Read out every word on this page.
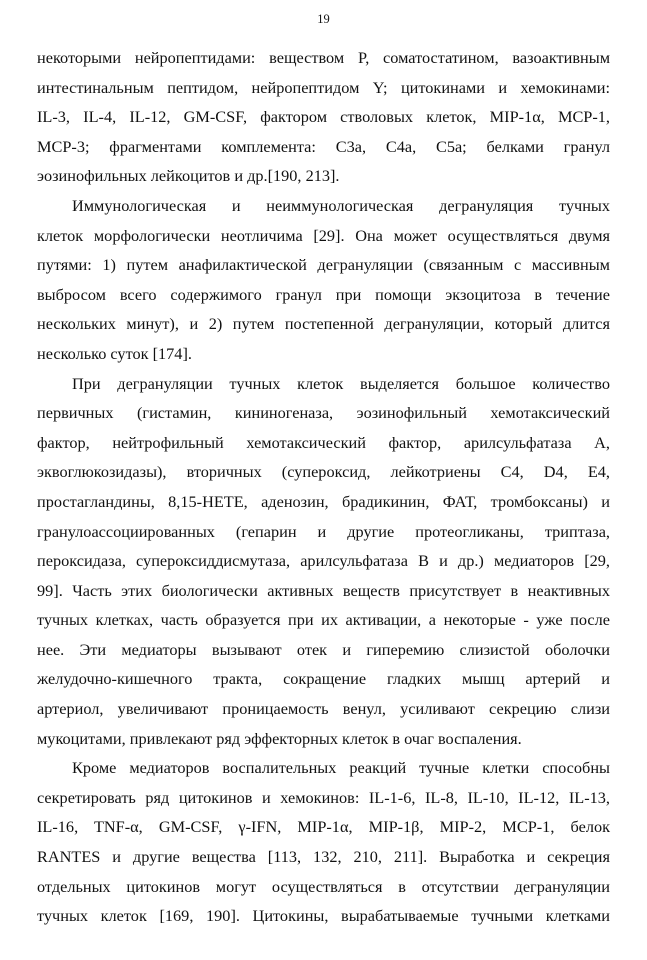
19
некоторыми нейропептидами: веществом P, соматостатином, вазоактивным
интестинальным пептидом, нейропептидом Y; цитокинами и хемокинами:
IL-3, IL-4, IL-12, GM-CSF, фактором стволовых клеток, MIP-1α, MCP-1,
MCP-3; фрагментами комплемента: C3a, C4a, C5a; белками гранул
эозинофильных лейкоцитов и др.[190, 213].
Иммунологическая и неиммунологическая дегрануляция тучных
клеток морфологически неотличима [29]. Она может осуществляться двумя
путями: 1) путем анафилактической дегрануляции (связанным с массивным
выбросом всего содержимого гранул при помощи экзоцитоза в течение
нескольких минут), и 2) путем постепенной дегрануляции, который длится
несколько суток [174].
При дегрануляции тучных клеток выделяется большое количество
первичных (гистамин, кининогеназа, эозинофильный хемотаксический
фактор, нейтрофильный хемотаксический фактор, арилсульфатаза А,
эквоглюкозидазы), вторичных (супероксид, лейкотриены С4, D4, E4,
простагландины, 8,15-НЕТЕ, аденозин, брадикинин, ФАТ, тромбоксаны) и
гранулоассоциированных (гепарин и другие протеогликаны, триптаза,
пероксидаза, супероксиддисмутаза, арилсульфатаза В и др.) медиаторов [29,
99]. Часть этих биологически активных веществ присутствует в неактивных
тучных клетках, часть образуется при их активации, а некоторые - уже после
нее. Эти медиаторы вызывают отек и гиперемию слизистой оболочки
желудочно-кишечного тракта, сокращение гладких мышц артерий и
артериол, увеличивают проницаемость венул, усиливают секрецию слизи
мукоцитами, привлекают ряд эффекторных клеток в очаг воспаления.
Кроме медиаторов воспалительных реакций тучные клетки способны
секретировать ряд цитокинов и хемокинов: IL-1-6, IL-8, IL-10, IL-12, IL-13,
IL-16, TNF-α, GM-CSF, γ-IFN, MIP-1α, MIP-1β, MIP-2, MCP-1, белок
RANTES и другие вещества [113, 132, 210, 211]. Выработка и секреция
отдельных цитокинов могут осуществляться в отсутствии дегрануляции
тучных клеток [169, 190]. Цитокины, вырабатываемые тучными клетками
